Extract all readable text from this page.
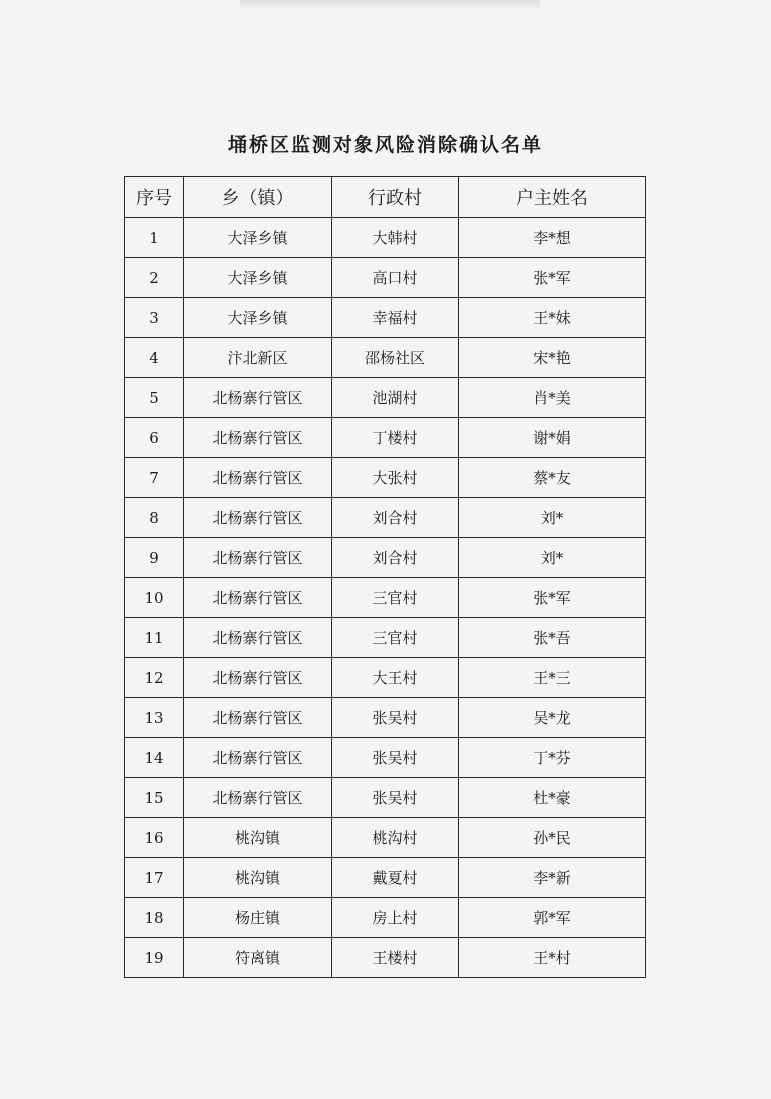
埇桥区监测对象风险消除确认名单
序号	乡（镇）	行政村	户主姓名
1	大泽乡镇	大韩村	李*想
2	大泽乡镇	高口村	张*军
3	大泽乡镇	幸福村	王*妹
4	汴北新区	邵杨社区	宋*艳
5	北杨寨行管区	池湖村	肖*美
6	北杨寨行管区	丁楼村	谢*娟
7	北杨寨行管区	大张村	蔡*友
8	北杨寨行管区	刘合村	刘*
9	北杨寨行管区	刘合村	刘*
10	北杨寨行管区	三官村	张*军
11	北杨寨行管区	三官村	张*吾
12	北杨寨行管区	大王村	王*三
13	北杨寨行管区	张吴村	吴*龙
14	北杨寨行管区	张吴村	丁*芬
15	北杨寨行管区	张吴村	杜*豪
16	桃沟镇	桃沟村	孙*民
17	桃沟镇	戴夏村	李*新
18	杨庄镇	房上村	郭*军
19	符离镇	王楼村	王*村
